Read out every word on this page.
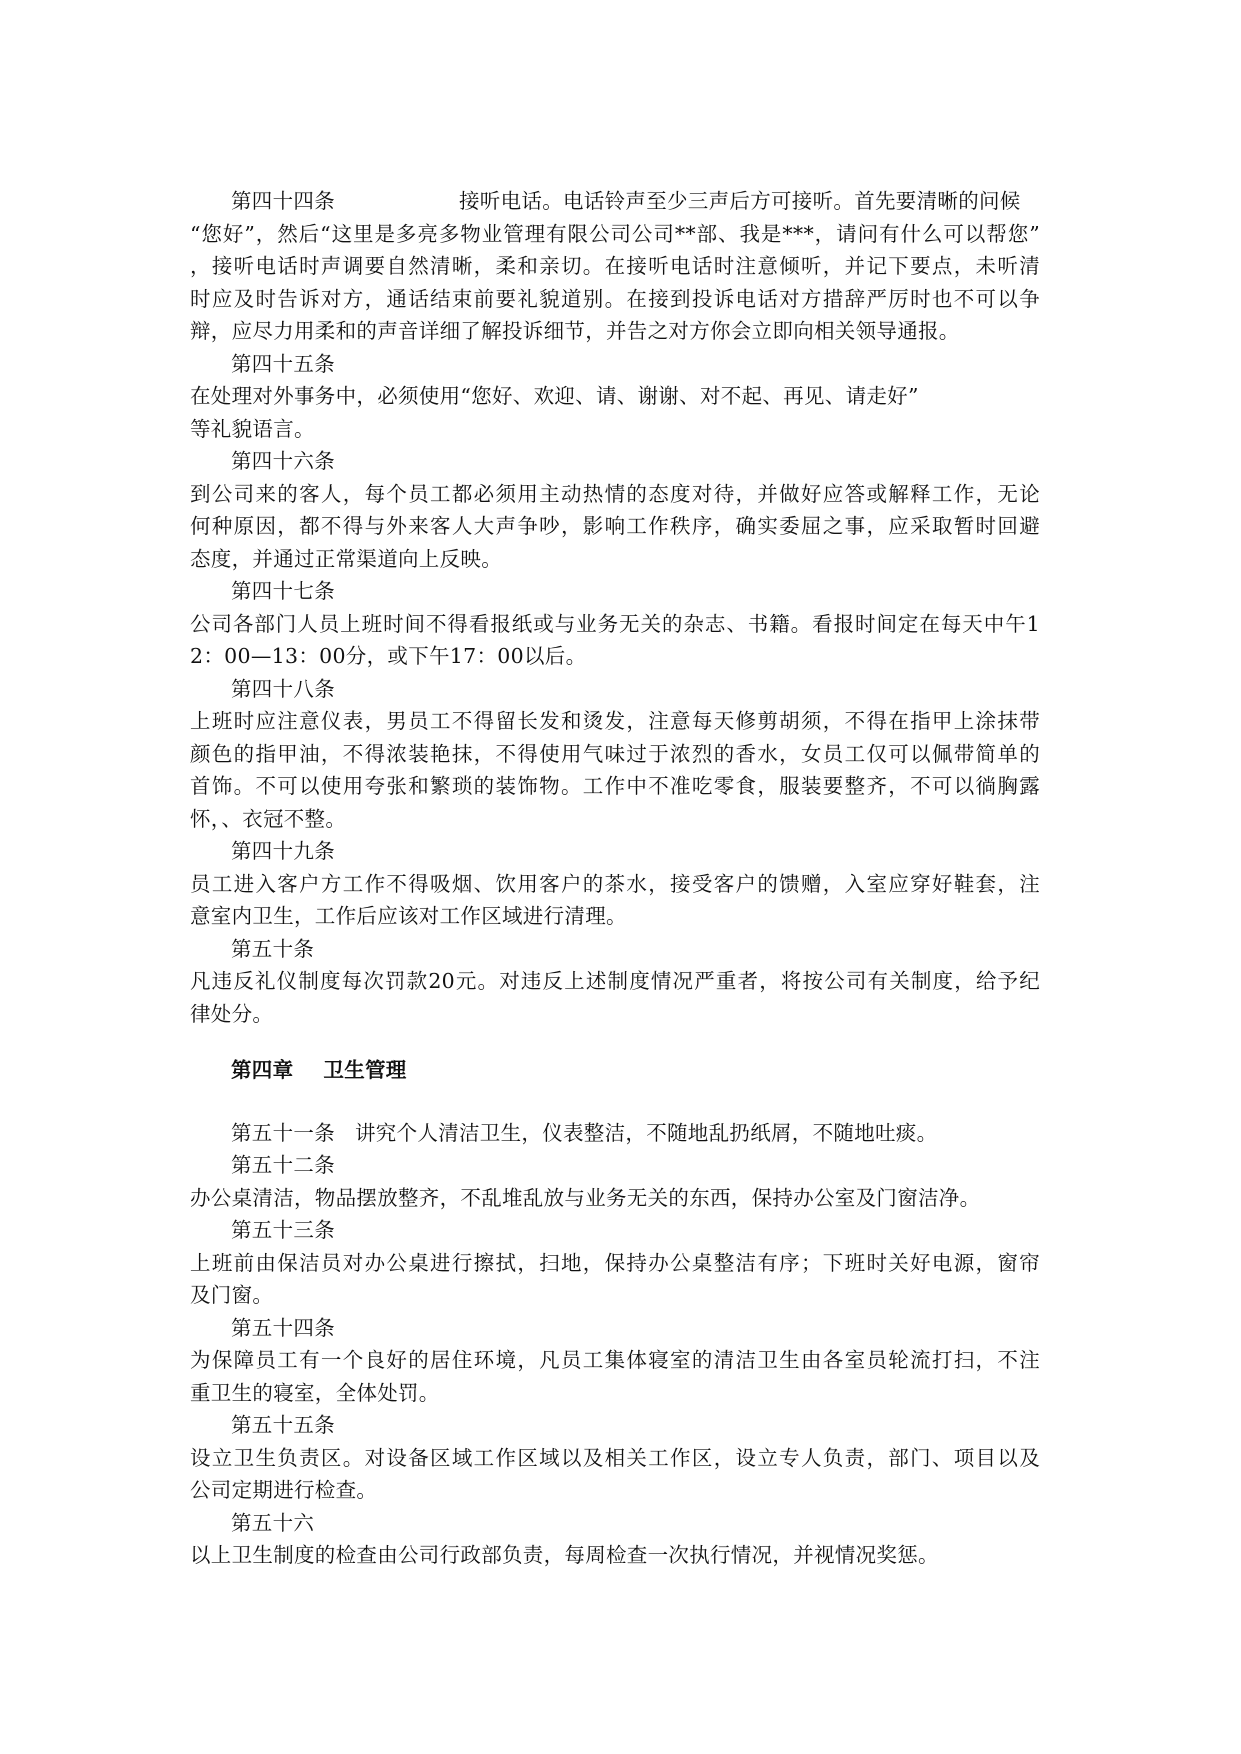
第四十四条	接听电话。电话铃声至少三声后方可接听。首先要清晰的问候
“您好”，然后“这里是多亮多物业管理有限公司公司**部、我是***，请问有什么可以帮您”
，接听电话时声调要自然清晰，柔和亲切。在接听电话时注意倾听，并记下要点，未听清
时应及时告诉对方，通话结束前要礼貌道别。在接到投诉电话对方措辞严厉时也不可以争
辩，应尽力用柔和的声音详细了解投诉细节，并告之对方你会立即向相关领导通报。
第四十五条
在处理对外事务中，必须使用“您好、欢迎、请、谢谢、对不起、再见、请走好”
等礼貌语言。
第四十六条
到公司来的客人，每个员工都必须用主动热情的态度对待，并做好应答或解释工作，无论
何种原因，都不得与外来客人大声争吵，影响工作秩序，确实委屈之事，应采取暂时回避
态度，并通过正常渠道向上反映。
第四十七条
公司各部门人员上班时间不得看报纸或与业务无关的杂志、书籍。看报时间定在每天中午1
2：00—13：00分，或下午17：00以后。
第四十八条
上班时应注意仪表，男员工不得留长发和烫发，注意每天修剪胡须，不得在指甲上涂抹带
颜色的指甲油，不得浓装艳抹，不得使用气味过于浓烈的香水，女员工仅可以佩带简单的
首饰。不可以使用夸张和繁琐的装饰物。工作中不准吃零食，服装要整齐，不可以徜胸露
怀，、衣冠不整。
第四十九条
员工进入客户方工作不得吸烟、饮用客户的茶水，接受客户的馈赠，入室应穿好鞋套，注
意室内卫生，工作后应该对工作区域进行清理。
第五十条
凡违反礼仪制度每次罚款20元。对违反上述制度情况严重者，将按公司有关制度，给予纪
律处分。
第四章 卫生管理
第五十一条 讲究个人清洁卫生，仪表整洁，不随地乱扔纸屑，不随地吐痰。
第五十二条
办公桌清洁，物品摆放整齐，不乱堆乱放与业务无关的东西，保持办公室及门窗洁净。
第五十三条
上班前由保洁员对办公桌进行擦拭，扫地，保持办公桌整洁有序；下班时关好电源，窗帘
及门窗。
第五十四条
为保障员工有一个良好的居住环境，凡员工集体寝室的清洁卫生由各室员轮流打扫，不注
重卫生的寝室，全体处罚。
第五十五条
设立卫生负责区。对设备区域工作区域以及相关工作区，设立专人负责，部门、项目以及
公司定期进行检查。
第五十六
以上卫生制度的检查由公司行政部负责，每周检查一次执行情况，并视情况奖惩。
